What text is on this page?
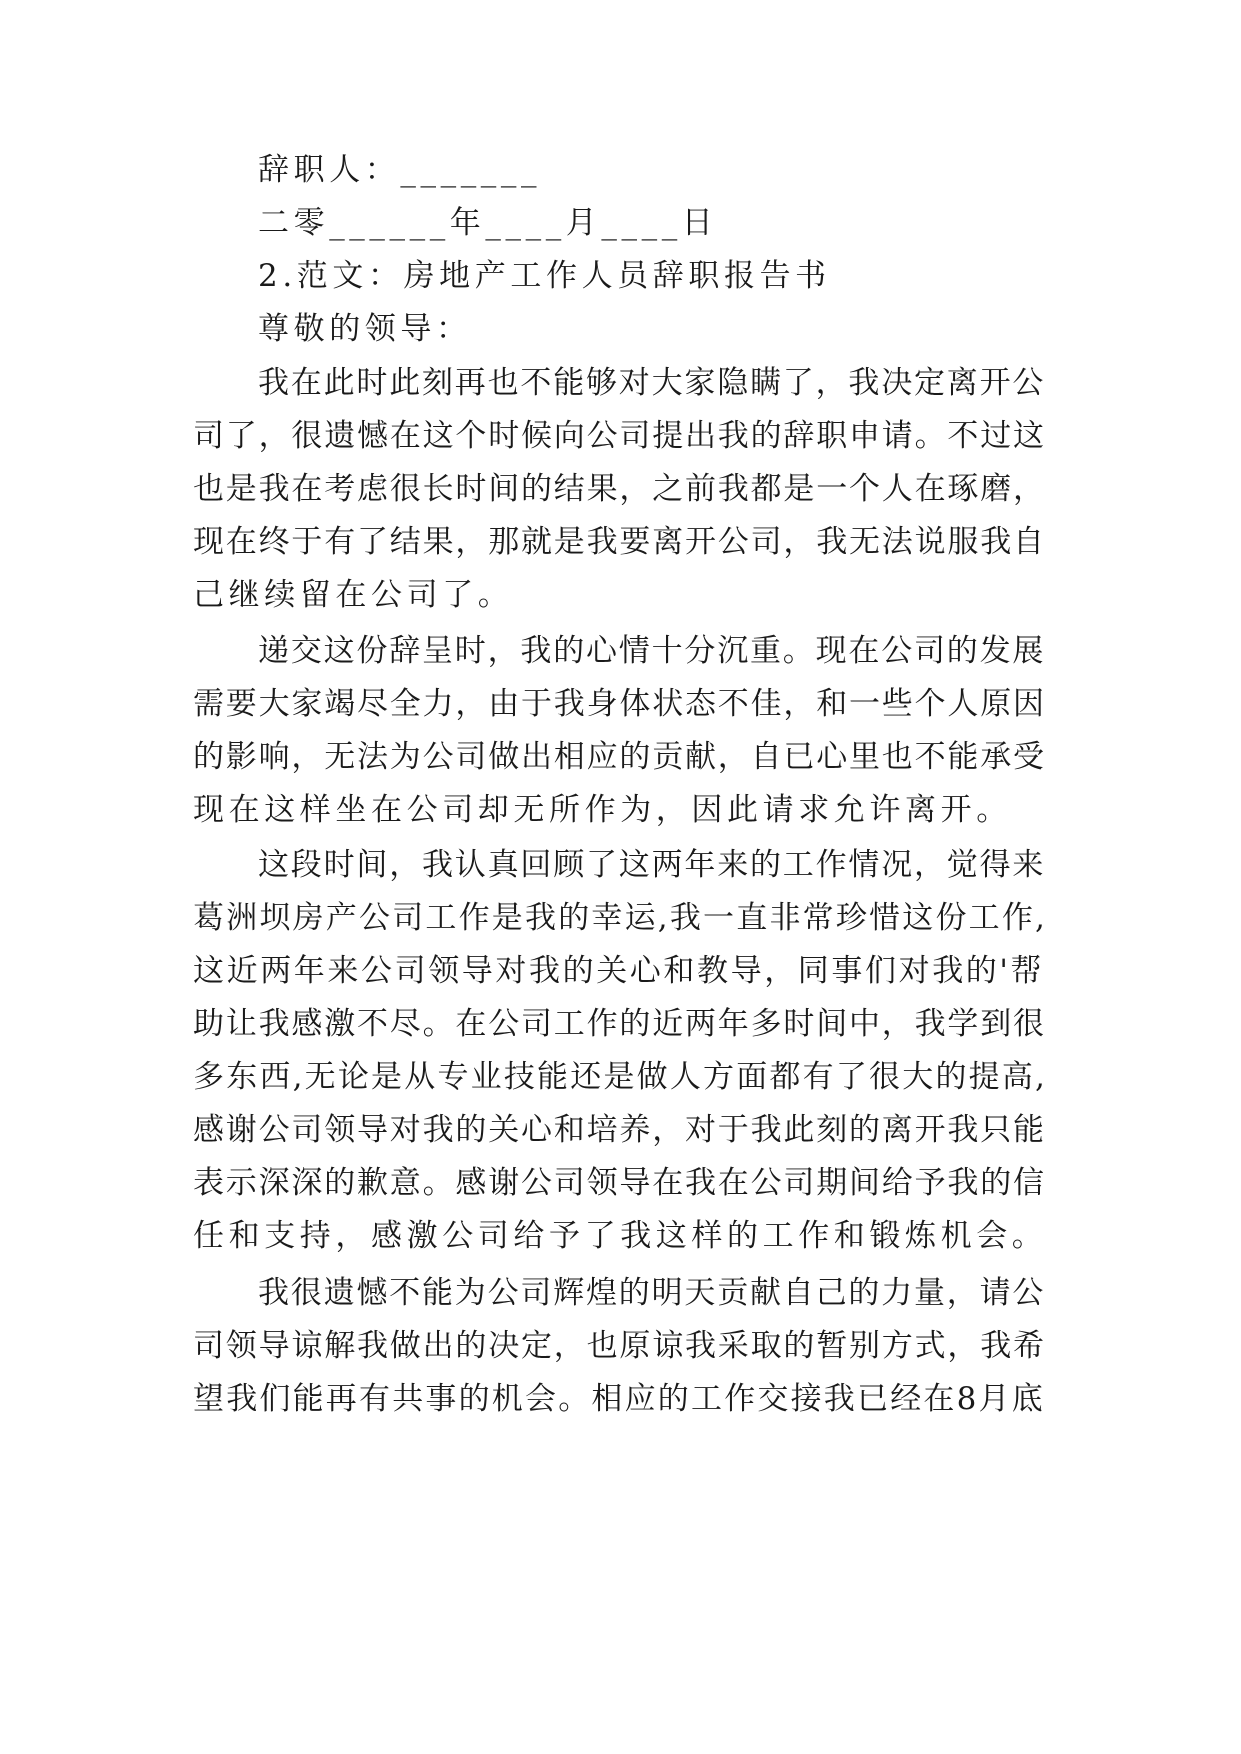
辞职人：_______
二零______年____月____日
2.范文：房地产工作人员辞职报告书
尊敬的领导：
我在此时此刻再也不能够对大家隐瞒了，我决定离开公
司了，很遗憾在这个时候向公司提出我的辞职申请。不过这
也是我在考虑很长时间的结果，之前我都是一个人在琢磨，
现在终于有了结果，那就是我要离开公司，我无法说服我自
己继续留在公司了。
递交这份辞呈时，我的心情十分沉重。现在公司的发展
需要大家竭尽全力，由于我身体状态不佳，和一些个人原因
的影响，无法为公司做出相应的贡献，自已心里也不能承受
现在这样坐在公司却无所作为，因此请求允许离开。
这段时间，我认真回顾了这两年来的工作情况，觉得来
葛洲坝房产公司工作是我的幸运,我一直非常珍惜这份工作,
这近两年来公司领导对我的关心和教导，同事们对我的'帮
助让我感激不尽。在公司工作的近两年多时间中，我学到很
多东西,无论是从专业技能还是做人方面都有了很大的提高,
感谢公司领导对我的关心和培养，对于我此刻的离开我只能
表示深深的歉意。感谢公司领导在我在公司期间给予我的信
任和支持，感激公司给予了我这样的工作和锻炼机会。
我很遗憾不能为公司辉煌的明天贡献自己的力量，请公
司领导谅解我做出的决定，也原谅我采取的暂别方式，我希
望我们能再有共事的机会。相应的工作交接我已经在8月底
